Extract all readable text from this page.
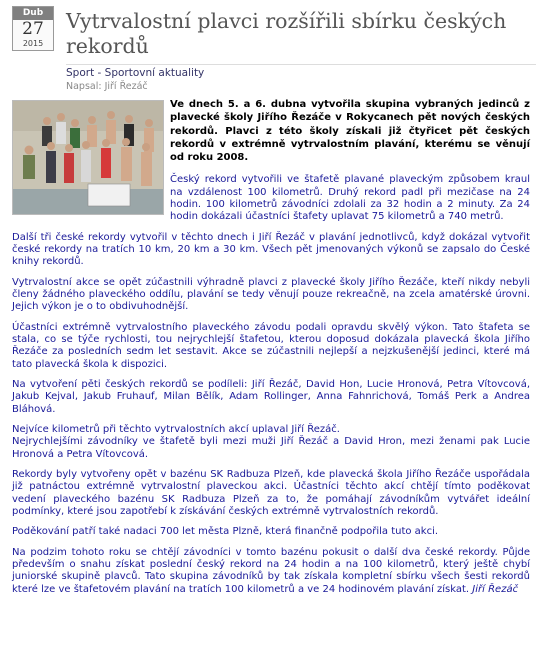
Dub
27
2015
Vytrvalostní plavci rozšířili sbírku českých rekordů
Sport - Sportovní aktuality
Napsal: Jiří Řezáč

Ve dnech 5. a 6. dubna vytvořila skupina vybraných jedinců z plavecké školy Jiřího Řezáče v Rokycanech pět nových českých rekordů. Plavci z této školy získali již čtyřicet pět českých rekordů v extrémně vytrvalostním plavání, kterému se věnují od roku 2008.

Český rekord vytvořili ve štafetě plavané plaveckým způsobem kraul na vzdálenost 100 kilometrů. Druhý rekord padl při mezičase na 24 hodin. 100 kilometrů závodníci zdolali za 32 hodin a 2 minuty. Za 24 hodin dokázali účastníci štafety uplavat 75 kilometrů a 740 metrů.

Další tři české rekordy vytvořil v těchto dnech i Jiří Řezáč v plavání jednotlivců, když dokázal vytvořit české rekordy na tratích 10 km, 20 km a 30 km. Všech pět jmenovaných výkonů se zapsalo do České knihy rekordů.

Vytrvalostní akce se opět zúčastnili výhradně plavci z plavecké školy Jiřího Řezáče, kteří nikdy nebyli členy žádného plaveckého oddílu, plavání se tedy věnují pouze rekreačně, na zcela amatérské úrovni. Jejich výkon je o to obdivuhodnější.

Účastníci extrémně vytrvalostního plaveckého závodu podali opravdu skvělý výkon. Tato štafeta se stala, co se týče rychlosti, tou nejrychlejší štafetou, kterou doposud dokázala plavecká škola Jiřího Řezáče za posledních sedm let sestavit. Akce se zúčastnili nejlepší a nejzkušenější jedinci, které má tato plavecká škola k dispozici.

Na vytvoření pěti českých rekordů se podíleli: Jiří Řezáč, David Hon, Lucie Hronová, Petra Vítovcová, Jakub Kejval, Jakub Fruhauf, Milan Bělík, Adam Rollinger, Anna Fahnrichová, Tomáš Perk a Andrea Bláhová.

Nejvíce kilometrů při těchto vytrvalostních akcí uplaval Jiří Řezáč.
Nejrychlejšími závodníky ve štafetě byli mezi muži Jiří Řezáč a David Hron, mezi ženami pak Lucie Hronová a Petra Vítovcová.

Rekordy byly vytvořeny opět v bazénu SK Radbuza Plzeň, kde plavecká škola Jiřího Řezáče uspořádala již patnáctou extrémně vytrvalostní plaveckou akci. Účastníci těchto akcí chtějí tímto poděkovat vedení plaveckého bazénu SK Radbuza Plzeň za to, že pomáhají závodníkům vytvářet ideální podmínky, které jsou zapotřebí k získávání českých extrémně vytrvalostních rekordů.

Poděkování patří také nadaci 700 let města Plzně, která finančně podpořila tuto akci.

Na podzim tohoto roku se chtějí závodníci v tomto bazénu pokusit o další dva české rekordy. Půjde především o snahu získat poslední český rekord na 24 hodin a na 100 kilometrů, který ještě chybí juniorské skupině plavců. Tato skupina závodníků by tak získala kompletní sbírku všech šesti rekordů které lze ve štafetovém plavání na tratích 100 kilometrů a ve 24 hodinovém plavání získat. Jiří Řezáč
